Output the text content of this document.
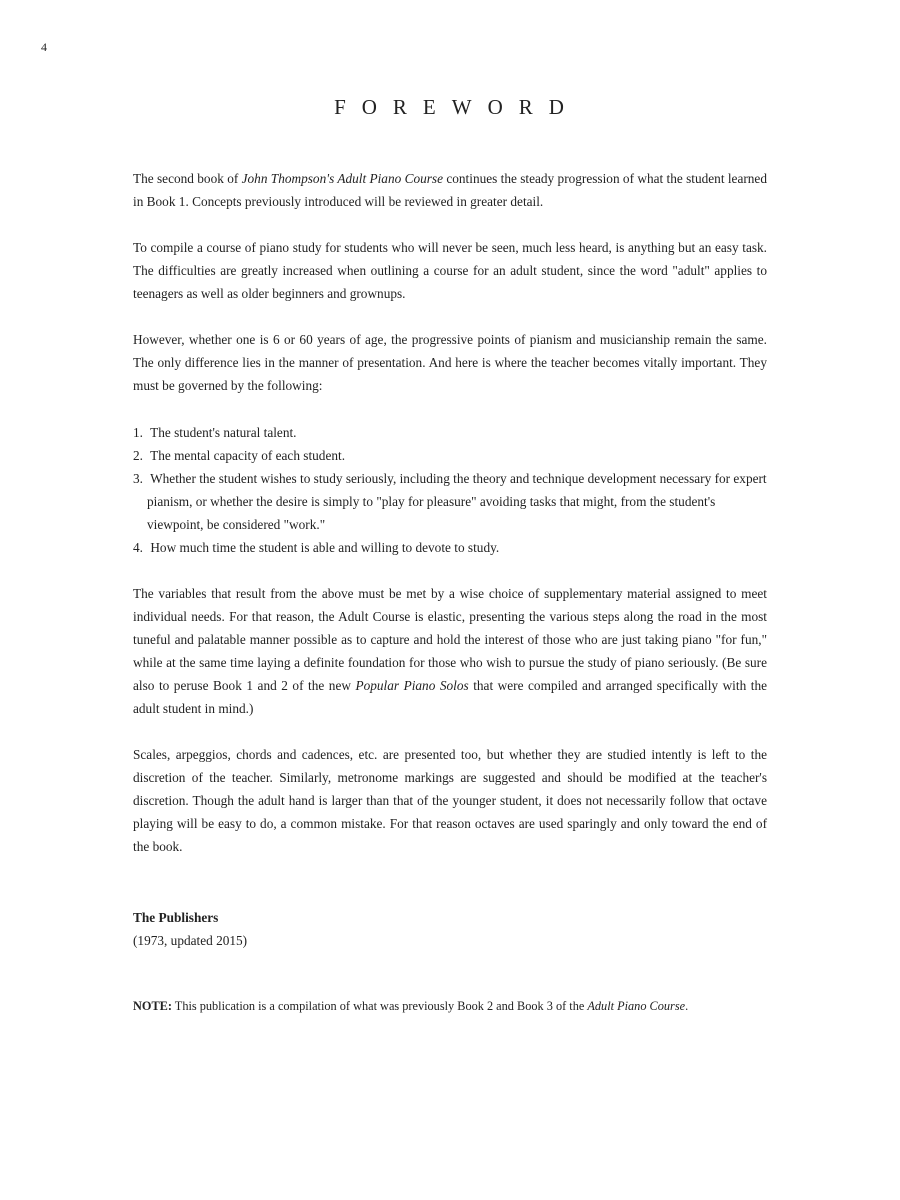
4
FOREWORD

The second book of John Thompson's Adult Piano Course continues the steady progression of what the student learned in Book 1. Concepts previously introduced will be reviewed in greater detail.

To compile a course of piano study for students who will never be seen, much less heard, is anything but an easy task. The difficulties are greatly increased when outlining a course for an adult student, since the word "adult" applies to teenagers as well as older beginners and grownups.

However, whether one is 6 or 60 years of age, the progressive points of pianism and musicianship remain the same. The only difference lies in the manner of presentation. And here is where the teacher becomes vitally important. They must be governed by the following:

1. The student's natural talent.
2. The mental capacity of each student.
3. Whether the student wishes to study seriously, including the theory and technique development necessary for expert pianism, or whether the desire is simply to "play for pleasure" avoiding tasks that might, from the student's viewpoint, be considered "work."
4. How much time the student is able and willing to devote to study.

The variables that result from the above must be met by a wise choice of supplementary material assigned to meet individual needs. For that reason, the Adult Course is elastic, presenting the various steps along the road in the most tuneful and palatable manner possible as to capture and hold the interest of those who are just taking piano "for fun," while at the same time laying a definite foundation for those who wish to pursue the study of piano seriously. (Be sure also to peruse Book 1 and 2 of the new Popular Piano Solos that were compiled and arranged specifically with the adult student in mind.)

Scales, arpeggios, chords and cadences, etc. are presented too, but whether they are studied intently is left to the discretion of the teacher. Similarly, metronome markings are suggested and should be modified at the teacher's discretion. Though the adult hand is larger than that of the younger student, it does not necessarily follow that octave playing will be easy to do, a common mistake. For that reason octaves are used sparingly and only toward the end of the book.

The Publishers
(1973, updated 2015)
NOTE: This publication is a compilation of what was previously Book 2 and Book 3 of the Adult Piano Course.
